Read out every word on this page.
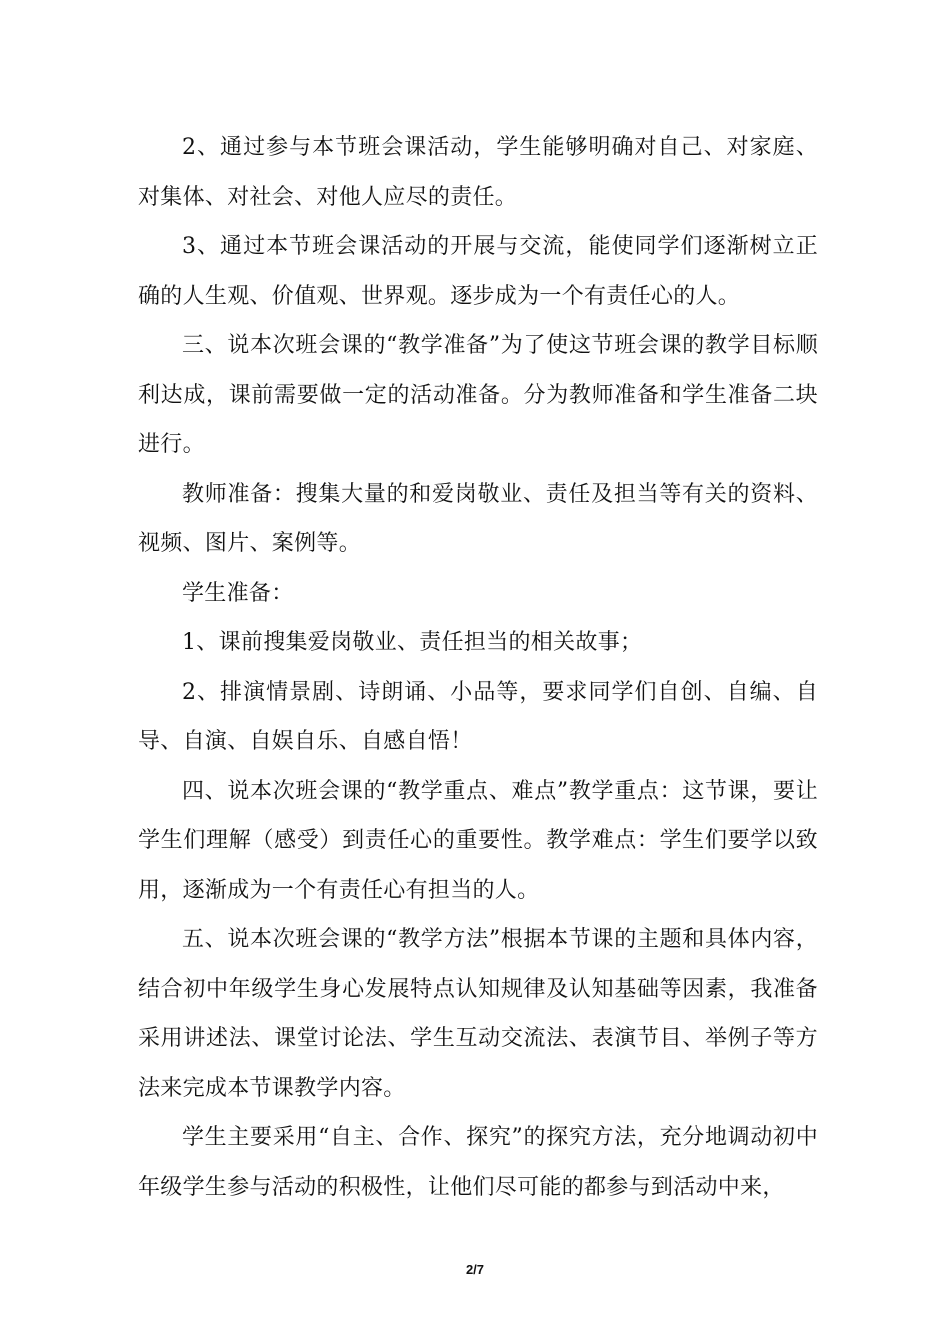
2、通过参与本节班会课活动，学生能够明确对自己、对家庭、对集体、对社会、对他人应尽的责任。

3、通过本节班会课活动的开展与交流，能使同学们逐渐树立正确的人生观、价值观、世界观。逐步成为一个有责任心的人。

三、说本次班会课的“教学准备”为了使这节班会课的教学目标顺利达成，课前需要做一定的活动准备。分为教师准备和学生准备二块进行。

教师准备：搜集大量的和爱岗敬业、责任及担当等有关的资料、视频、图片、案例等。

学生准备：

1、课前搜集爱岗敬业、责任担当的相关故事；

2、排演情景剧、诗朗诵、小品等，要求同学们自创、自编、自导、自演、自娱自乐、自感自悟！

四、说本次班会课的“教学重点、难点”教学重点：这节课，要让学生们理解（感受）到责任心的重要性。教学难点：学生们要学以致用，逐渐成为一个有责任心有担当的人。

五、说本次班会课的“教学方法”根据本节课的主题和具体内容，结合初中年级学生身心发展特点认知规律及认知基础等因素，我准备采用讲述法、课堂讨论法、学生互动交流法、表演节目、举例子等方法来完成本节课教学内容。

学生主要采用“自主、合作、探究”的探究方法，充分地调动初中年级学生参与活动的积极性，让他们尽可能的都参与到活动中来，

2/7
